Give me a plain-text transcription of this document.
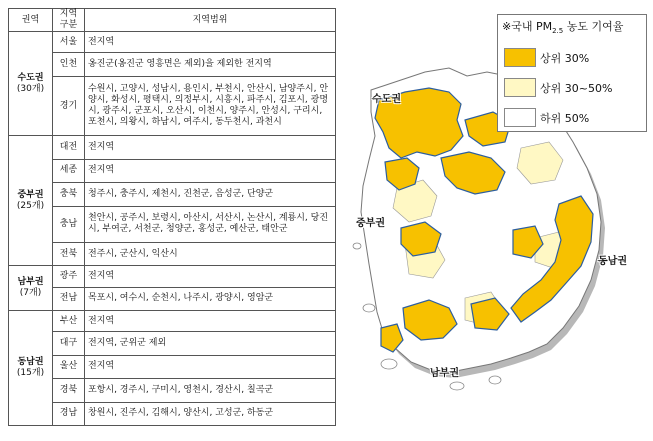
권역	지역구분	지역범위
수도권
(30개)	서울	전지역
	인천	옹진군(옹진군 영흥면은 제외)을 제외한 전지역
	경기	수원시, 고양시, 성남시, 용인시, 부천시, 안산시, 남양주시, 안양시, 화성시, 평택시, 의정부시, 시흥시, 파주시, 김포시, 광명시, 광주시, 군포시, 오산시, 이천시, 양주시, 안성시, 구리시, 포천시, 의왕시, 하남시, 여주시, 동두천시, 과천시
중부권
(25개)	대전	전지역
	세종	전지역
	충북	청주시, 충주시, 제천시, 진천군, 음성군, 단양군
	충남	천안시, 공주시, 보령시, 아산시, 서산시, 논산시, 계룡시, 당진시, 부여군, 서천군, 청양군, 홍성군, 예산군, 태안군
	전북	전주시, 군산시, 익산시
남부권
(7개)	광주	전지역
	전남	목포시, 여수시, 순천시, 나주시, 광양시, 영암군
동남권
(15개)	부산	전지역
	대구	전지역, 군위군 제외
	울산	전지역
	경북	포항시, 경주시, 구미시, 영천시, 경산시, 칠곡군
	경남	창원시, 진주시, 김해시, 양산시, 고성군, 하동군
수도권
중부권
동남권
남부권
※국내 $PM_{2.5}$ 농도 기여율
상위 30%
상위 30~50%
하위 50%
